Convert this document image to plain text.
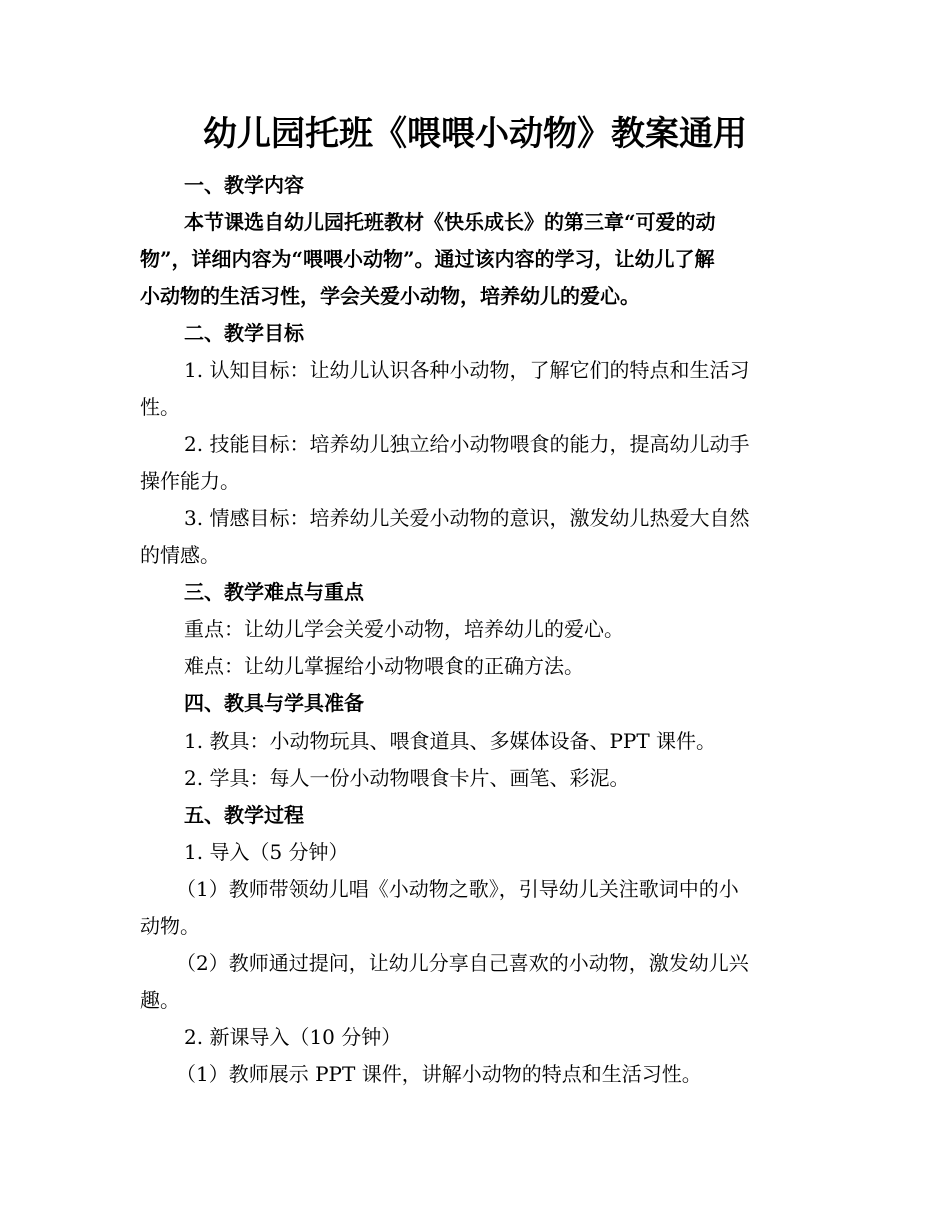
幼儿园托班《喂喂小动物》教案通用
一、教学内容
本节课选自幼儿园托班教材《快乐成长》的第三章“可爱的动
物”，详细内容为“喂喂小动物”。通过该内容的学习，让幼儿了解
小动物的生活习性，学会关爱小动物，培养幼儿的爱心。
二、教学目标
1. 认知目标：让幼儿认识各种小动物，了解它们的特点和生活习
性。
2. 技能目标：培养幼儿独立给小动物喂食的能力，提高幼儿动手
操作能力。
3. 情感目标：培养幼儿关爱小动物的意识，激发幼儿热爱大自然
的情感。
三、教学难点与重点
重点：让幼儿学会关爱小动物，培养幼儿的爱心。
难点：让幼儿掌握给小动物喂食的正确方法。
四、教具与学具准备
1. 教具：小动物玩具、喂食道具、多媒体设备、PPT 课件。
2. 学具：每人一份小动物喂食卡片、画笔、彩泥。
五、教学过程
1. 导入（5 分钟）
（1）教师带领幼儿唱《小动物之歌》，引导幼儿关注歌词中的小
动物。
（2）教师通过提问，让幼儿分享自己喜欢的小动物，激发幼儿兴
趣。
2. 新课导入（10 分钟）
（1）教师展示 PPT 课件，讲解小动物的特点和生活习性。
